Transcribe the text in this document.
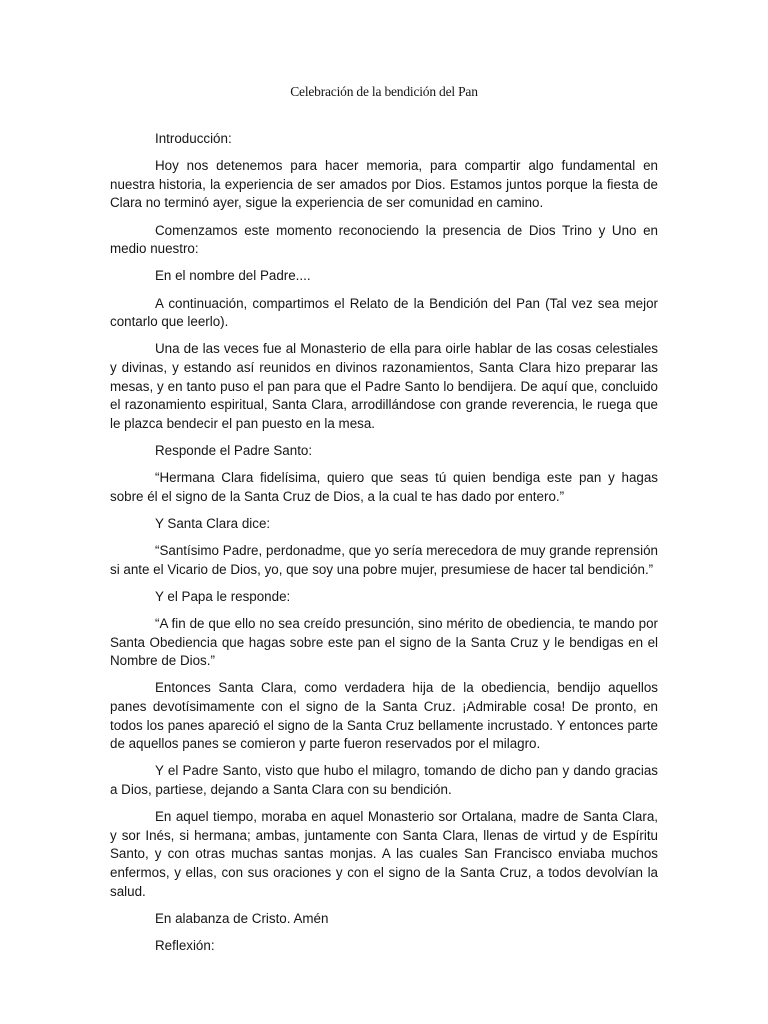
Celebración de la bendición del Pan

Introducción:

Hoy nos detenemos para hacer memoria, para compartir algo fundamental en nuestra historia, la experiencia de ser amados por Dios. Estamos juntos porque la fiesta de Clara no terminó ayer, sigue la experiencia de ser comunidad en camino.

Comenzamos este momento reconociendo la presencia de Dios Trino y Uno en medio nuestro:

En el nombre del Padre....

A continuación, compartimos el Relato de la Bendición del Pan (Tal vez sea mejor contarlo que leerlo).

Una de las veces fue al Monasterio de ella para oirle hablar de las cosas celestiales y divinas, y estando así reunidos en divinos razonamientos, Santa Clara hizo preparar las mesas, y en tanto puso el pan para que el Padre Santo lo bendijera. De aquí que, concluido el razonamiento espiritual, Santa Clara, arrodillándose con grande reverencia, le ruega que le plazca bendecir el pan puesto en la mesa.

Responde el Padre Santo:

“Hermana Clara fidelísima, quiero que seas tú quien bendiga este pan y hagas sobre él el signo de la Santa Cruz de Dios, a la cual te has dado por entero.”

Y Santa Clara dice:

“Santísimo Padre, perdonadme, que yo sería merecedora de muy grande reprensión si ante el Vicario de Dios, yo, que soy una pobre mujer, presumiese de hacer tal bendición.”

Y el Papa le responde:

“A fin de que ello no sea creído presunción, sino mérito de obediencia, te mando por Santa Obediencia que hagas sobre este pan el signo de la Santa Cruz y le bendigas en el Nombre de Dios.”

Entonces Santa Clara, como verdadera hija de la obediencia, bendijo aquellos panes devotísimamente con el signo de la Santa Cruz. ¡Admirable cosa! De pronto, en todos los panes apareció el signo de la Santa Cruz bellamente incrustado. Y entonces parte de aquellos panes se comieron y parte fueron reservados por el milagro.

Y el Padre Santo, visto que hubo el milagro, tomando de dicho pan y dando gracias a Dios, partiese, dejando a Santa Clara con su bendición.

En aquel tiempo, moraba en aquel Monasterio sor Ortalana, madre de Santa Clara, y sor Inés, si hermana; ambas, juntamente con Santa Clara, llenas de virtud y de Espíritu Santo, y con otras muchas santas monjas. A las cuales San Francisco enviaba muchos enfermos, y ellas, con sus oraciones y con el signo de la Santa Cruz, a todos devolvían la salud.

En alabanza de Cristo. Amén

Reflexión:
